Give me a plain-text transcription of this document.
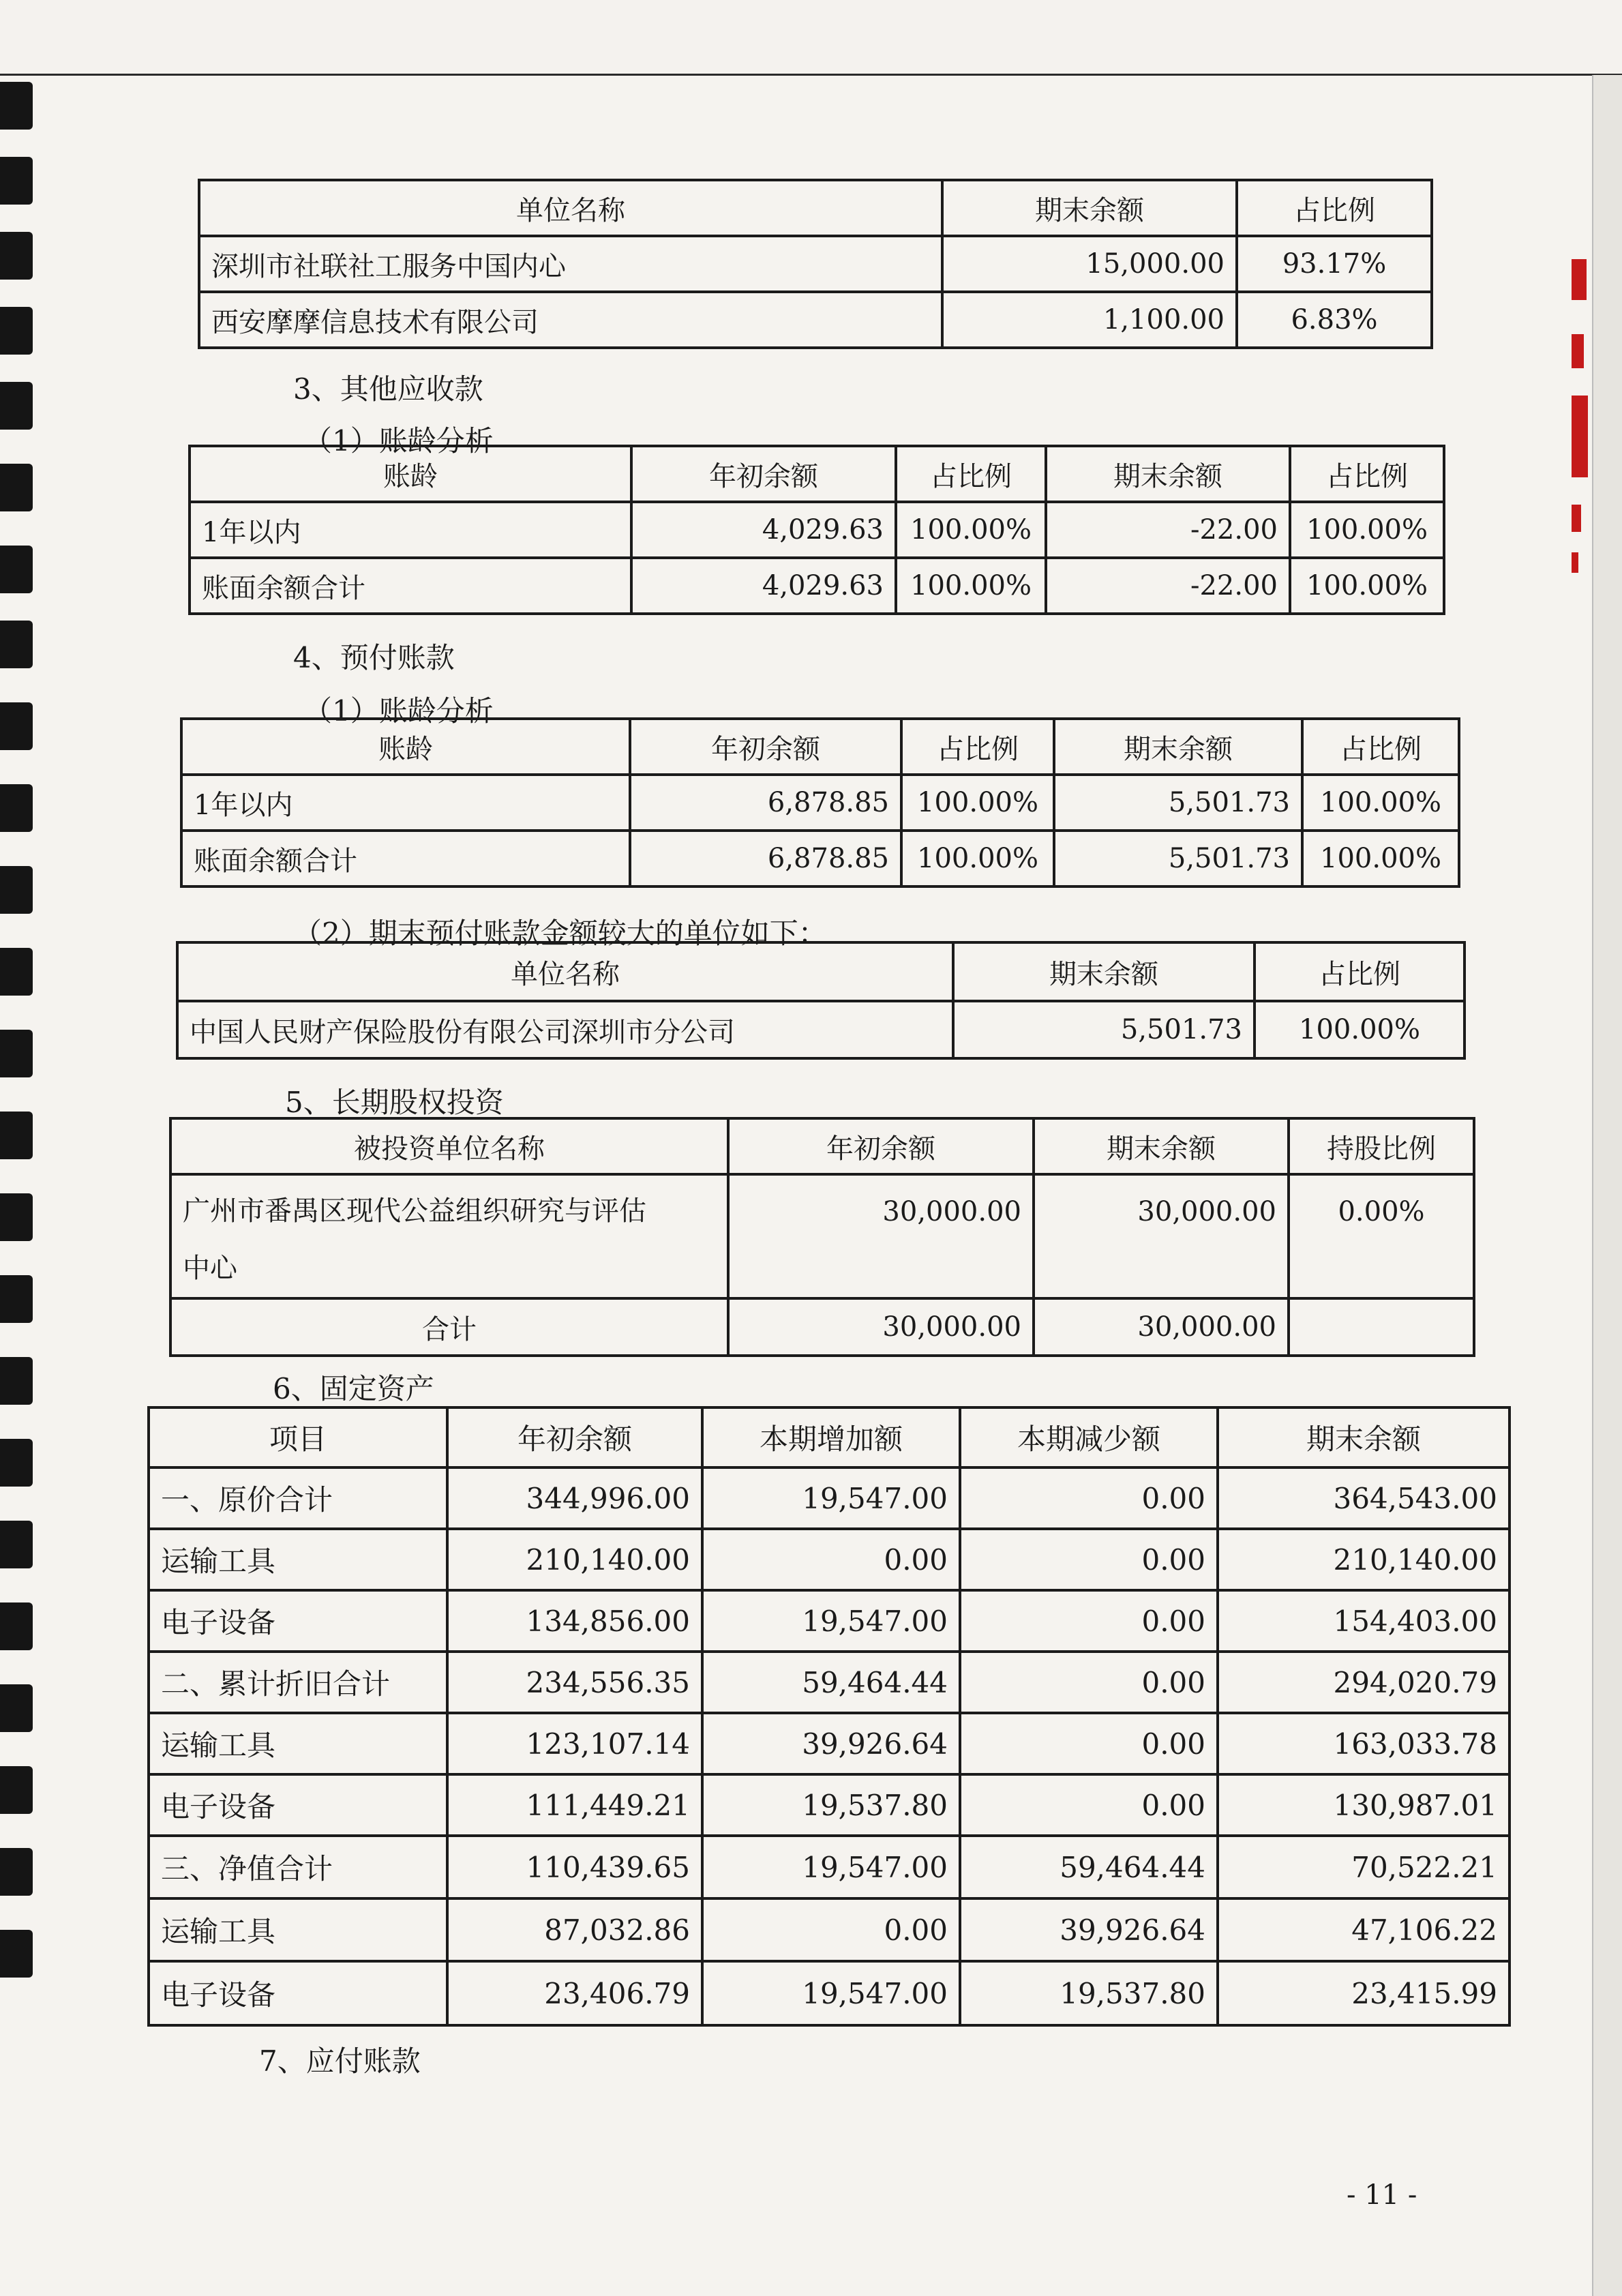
单位名称	期末余额	占比例
深圳市社联社工服务中国内心	15,000.00	93.17%
西安摩摩信息技术有限公司	1,100.00	6.83%
3、其他应收款
（1）账龄分析
账龄	年初余额	占比例	期末余额	占比例
1年以内	4,029.63	100.00%	-22.00	100.00%
账面余额合计	4,029.63	100.00%	-22.00	100.00%
4、预付账款
（1）账龄分析
账龄	年初余额	占比例	期末余额	占比例
1年以内	6,878.85	100.00%	5,501.73	100.00%
账面余额合计	6,878.85	100.00%	5,501.73	100.00%
（2）期末预付账款金额较大的单位如下：
单位名称	期末余额	占比例
中国人民财产保险股份有限公司深圳市分公司	5,501.73	100.00%
5、长期股权投资
被投资单位名称	年初余额	期末余额	持股比例

广州市番禺区现代公益组织研究与评估
中心	30,000.00	30,000.00	0.00%
合计	30,000.00	30,000.00	
6、固定资产
项目	年初余额	本期增加额	本期减少额	期末余额
一、原价合计	344,996.00	19,547.00	0.00	364,543.00
运输工具	210,140.00	0.00	0.00	210,140.00
电子设备	134,856.00	19,547.00	0.00	154,403.00
二、累计折旧合计	234,556.35	59,464.44	0.00	294,020.79
运输工具	123,107.14	39,926.64	0.00	163,033.78
电子设备	111,449.21	19,537.80	0.00	130,987.01
三、净值合计	110,439.65	19,547.00	59,464.44	70,522.21
运输工具	87,032.86	0.00	39,926.64	47,106.22
电子设备	23,406.79	19,547.00	19,537.80	23,415.99
7、应付账款
- 11 -
